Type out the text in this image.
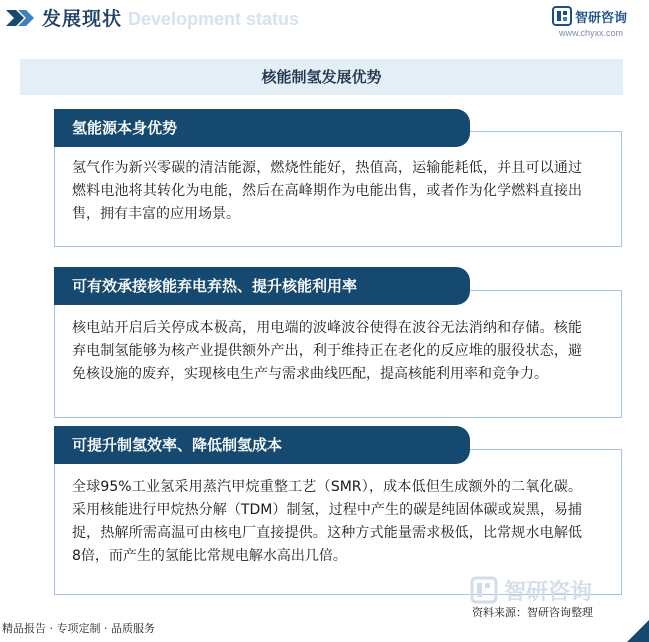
Development status
发展现状	智研咨询
www.chyxx.com
核能制氢发展优势
氢能源本身优势
氢气作为新兴零碳的清洁能源，燃烧性能好，热值高，运输能耗低，并且可以通过燃料电池将其转化为电能，然后在高峰期作为电能出售，或者作为化学燃料直接出售，拥有丰富的应用场景。
可有效承接核能弃电弃热、提升核能利用率
核电站开启后关停成本极高，用电端的波峰波谷使得在波谷无法消纳和存储。核能弃电制氢能够为核产业提供额外产出，利于维持正在老化的反应堆的服役状态，避免核设施的废弃，实现核电生产与需求曲线匹配，提高核能利用率和竞争力。
可提升制氢效率、降低制氢成本
全球95%工业氢采用蒸汽甲烷重整工艺（SMR），成本低但生成额外的二氧化碳。采用核能进行甲烷热分解（TDM）制氢，过程中产生的碳是纯固体碳或炭黑，易捕捉，热解所需高温可由核电厂直接提供。这种方式能量需求极低，比常规水电解低8倍，而产生的氢能比常规电解水高出几倍。
智研咨询
资料来源：智研咨询整理
精品报告 · 专项定制 · 品质服务
